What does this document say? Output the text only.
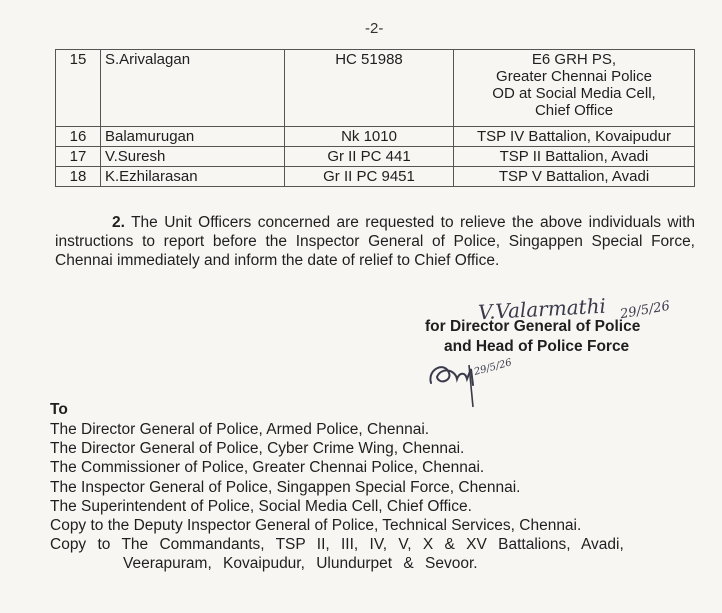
-2-
15	S.Arivalagan	HC 51988	E6 GRH PS,
Greater Chennai Police
OD at Social Media Cell,
Chief Office

16	Balamurugan	Nk 1010	TSP IV Battalion, Kovaipudur

17	V.Suresh	Gr II PC 441	TSP II Battalion, Avadi

18	K.Ezhilarasan	Gr II PC 9451	TSP V Battalion, Avadi

2. The Unit Officers concerned are requested to relieve the above individuals with instructions to report before the Inspector General of Police, Singappen Special Force, Chennai immediately and inform the date of relief to Chief Office.

V.Valarmathi 29/5/26
for Director General of Police
and Head of Police Force
29/5/26
To
The Director General of Police, Armed Police, Chennai.
The Director General of Police, Cyber Crime Wing, Chennai.
The Commissioner of Police, Greater Chennai Police, Chennai.
The Inspector General of Police, Singappen Special Force, Chennai.
The Superintendent of Police, Social Media Cell, Chief Office.
Copy to the Deputy Inspector General of Police, Technical Services, Chennai.
Copy to The Commandants, TSP II, III, IV, V, X & XV Battalions, Avadi, Veerapuram, Kovaipudur, Ulundurpet & Sevoor.
